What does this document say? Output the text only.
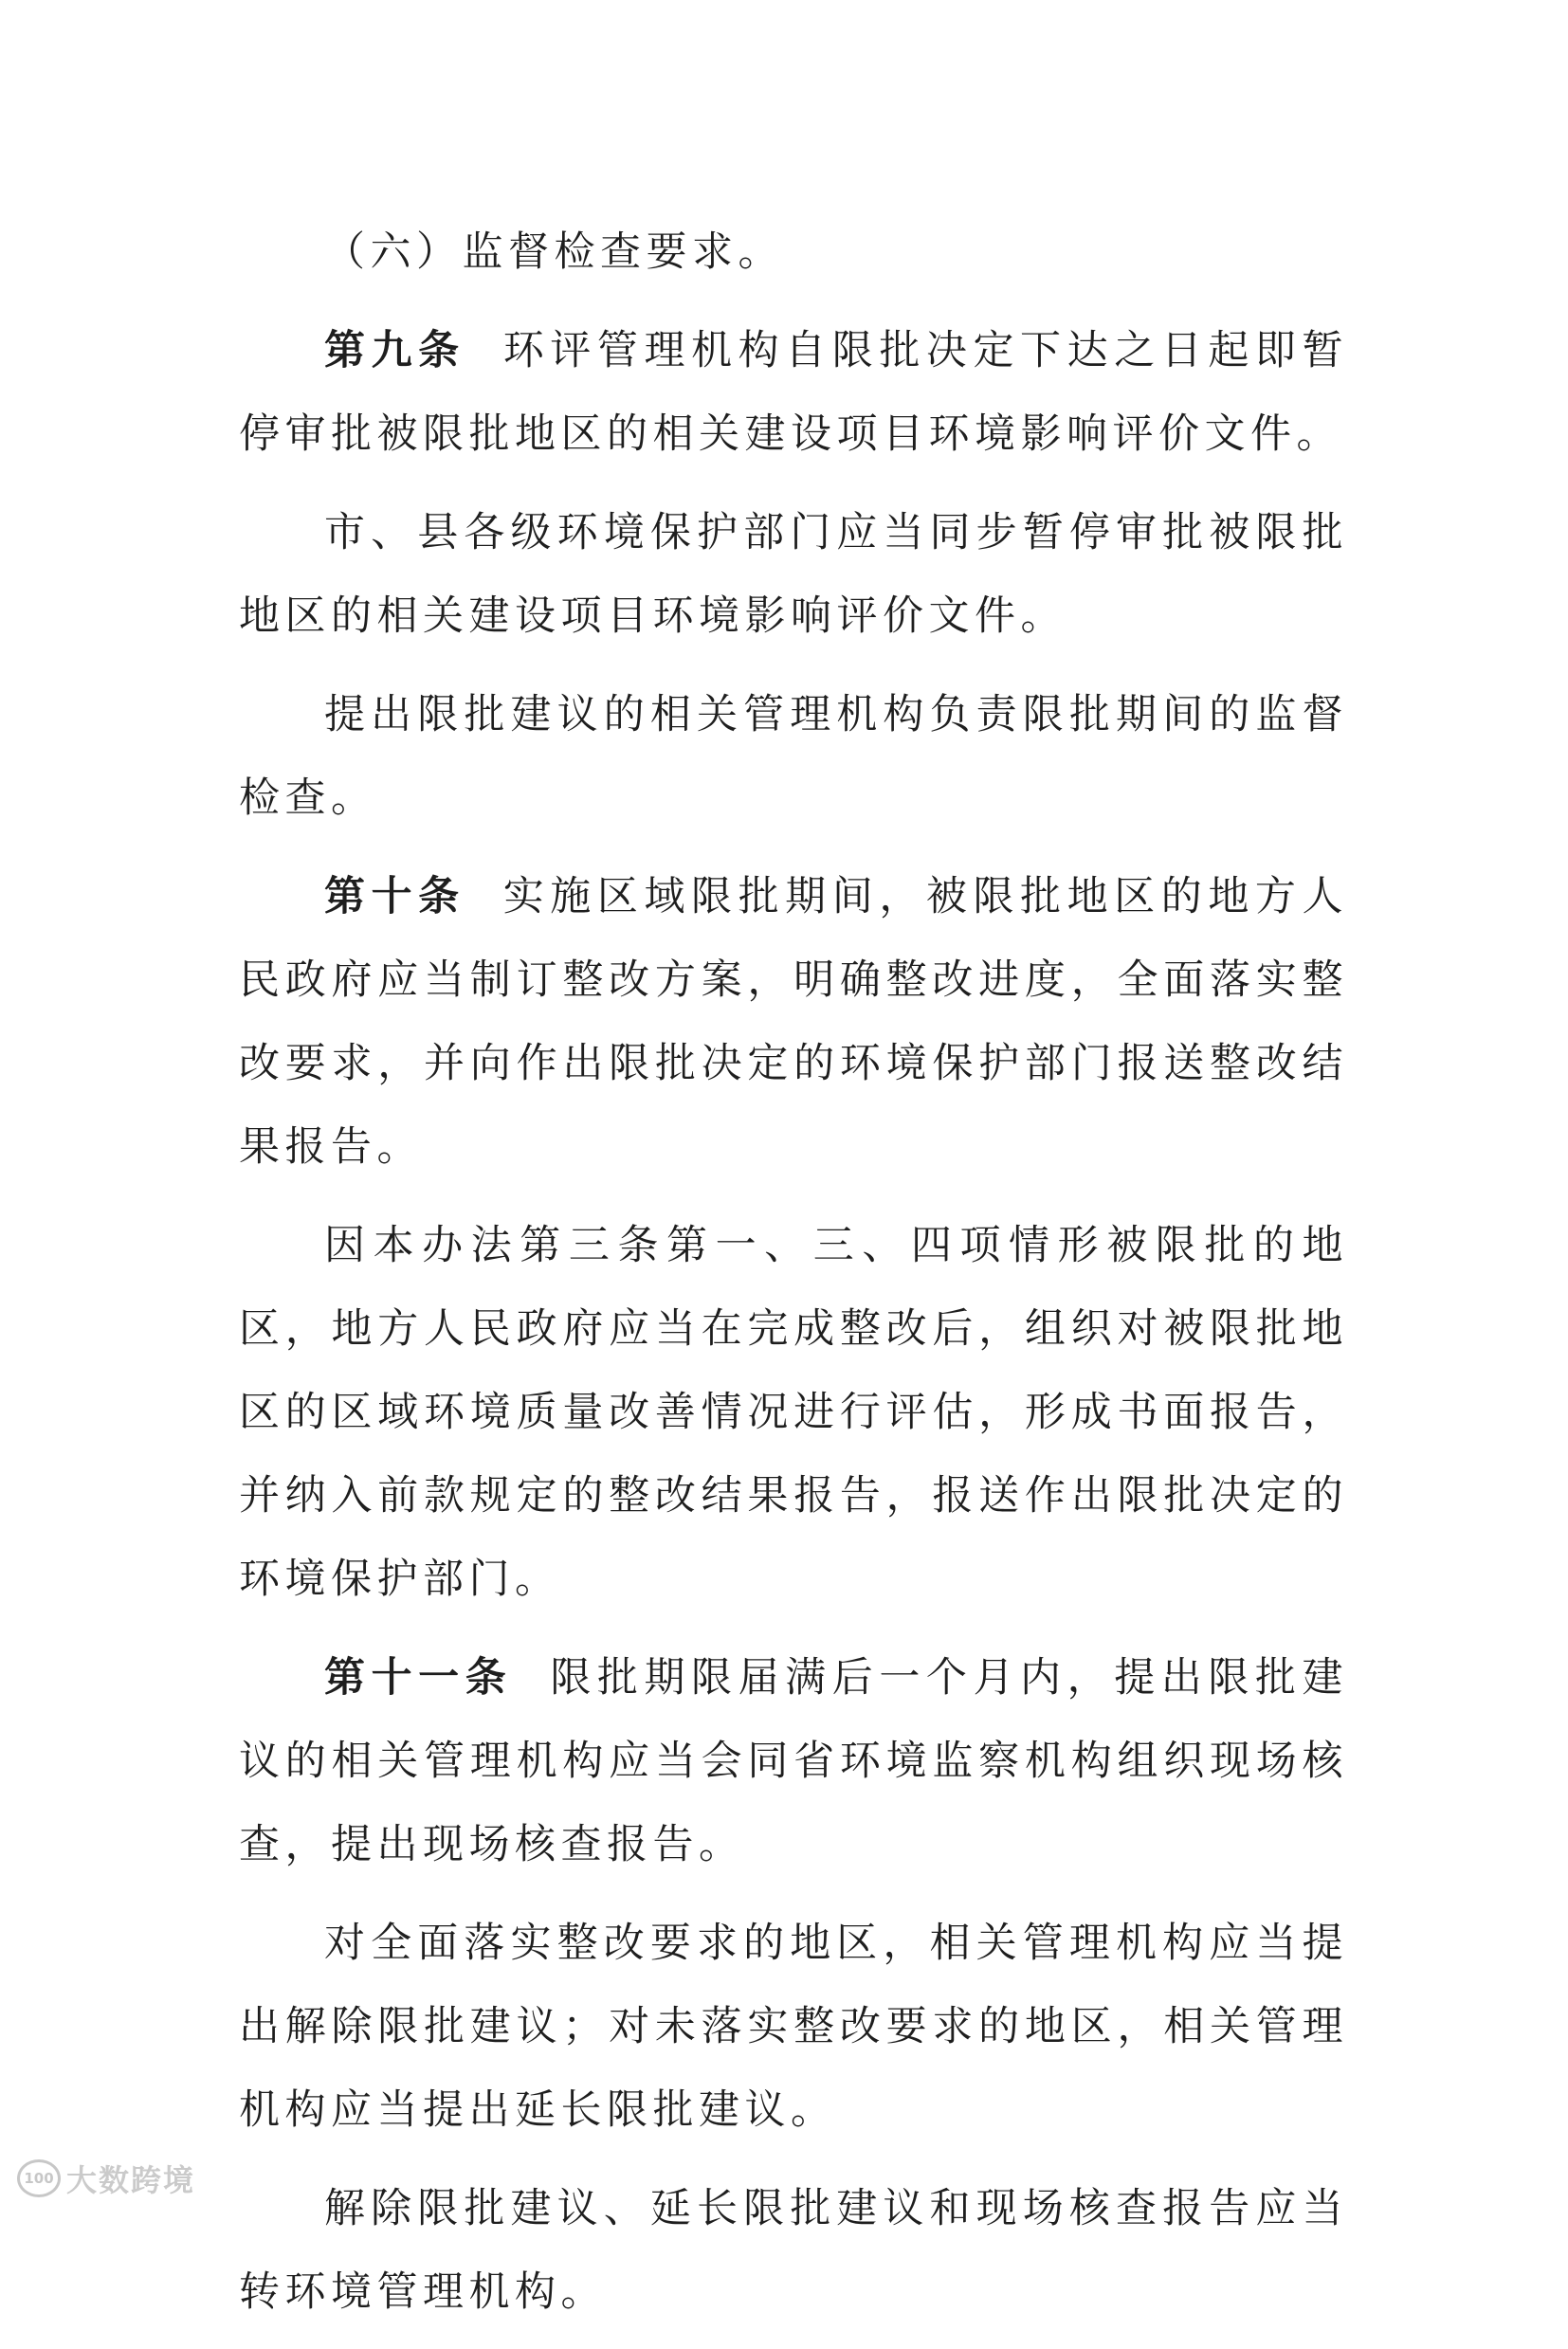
（六）监督检查要求。

第九条 环评管理机构自限批决定下达之日起即暂停审批被限批地区的相关建设项目环境影响评价文件。

市、县各级环境保护部门应当同步暂停审批被限批地区的相关建设项目环境影响评价文件。

提出限批建议的相关管理机构负责限批期间的监督检查。

第十条 实施区域限批期间，被限批地区的地方人民政府应当制订整改方案，明确整改进度，全面落实整改要求，并向作出限批决定的环境保护部门报送整改结果报告。

因本办法第三条第一、三、四项情形被限批的地区，地方人民政府应当在完成整改后，组织对被限批地区的区域环境质量改善情况进行评估，形成书面报告，并纳入前款规定的整改结果报告，报送作出限批决定的环境保护部门。

第十一条 限批期限届满后一个月内，提出限批建议的相关管理机构应当会同省环境监察机构组织现场核查，提出现场核查报告。

对全面落实整改要求的地区，相关管理机构应当提出解除限批建议；对未落实整改要求的地区，相关管理机构应当提出延长限批建议。

解除限批建议、延长限批建议和现场核查报告应当转环境管理机构。

100 大数跨境
